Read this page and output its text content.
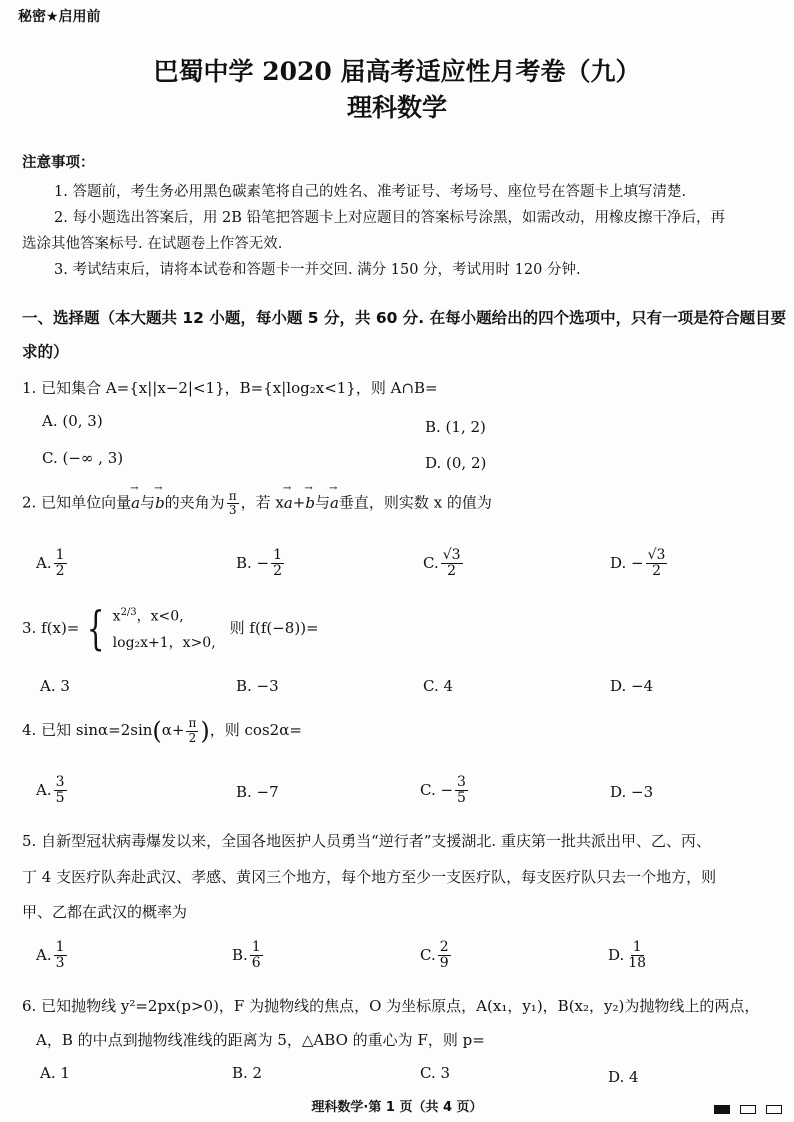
秘密★启用前
巴蜀中学 2020 届高考适应性月考卷（九）
理科数学
注意事项：
1. 答题前，考生务必用黑色碳素笔将自己的姓名、准考证号、考场号、座位号在答题卡上填写清楚.
2. 每小题选出答案后，用 2B 铅笔把答题卡上对应题目的答案标号涂黑，如需改动，用橡皮擦干净后，再
选涂其他答案标号. 在试题卷上作答无效.
3. 考试结束后，请将本试卷和答题卡一并交回. 满分 150 分，考试用时 120 分钟.
一、选择题（本大题共 12 小题，每小题 5 分，共 60 分. 在每小题给出的四个选项中，只有一项是符合题目要
求的）
1. 已知集合 A={x||x−2|<1}，B={x|log₂x<1}，则 A∩B=
A. (0, 3)	B. (1, 2)
C. (−∞ , 3)	D. (0, 2)
2. 已知单位向量→ a与→ b的夹角为 $\frac{\pi}{3}$ ，若 x→ a+→ b与→ a垂直，则实数 x 的值为
A. $\frac{1}{2}$	B. − $\frac{1}{2}$	C. $\frac{√3}{2}$	D. − $\frac{√3}{2}$
3. f(x)= { $x^{2/3}$，x<0,
log₂x+1，x>0,
则 f(f(−8))=
A. 3	B. −3	C. 4	D. −4
4. 已知 $\sin\alpha=2\sin(\alpha+ \frac{\pi}{2}$ )，则 cos2α=
A. $\frac{3}{5}$	B. −7	C. − $\frac{3}{5}$	D. −3
5. 自新型冠状病毒爆发以来，全国各地医护人员勇当“逆行者”支援湖北. 重庆第一批共派出甲、乙、丙、
丁 4 支医疗队奔赴武汉、孝感、黄冈三个地方，每个地方至少一支医疗队，每支医疗队只去一个地方，则
甲、乙都在武汉的概率为
A. $\frac{1}{3}$	B. $\frac{1}{6}$	C. $\frac{2}{9}$	D. $\frac{1}{18}$
6. 已知抛物线 y²=2px(p>0)，F 为抛物线的焦点，O 为坐标原点，A(x₁，y₁)，B(x₂，y₂)为抛物线上的两点，
A，B 的中点到抛物线准线的距离为 5，△ABO 的重心为 F，则 p=
A. 1	B. 2	C. 3	D. 4
理科数学·第 1 页（共 4 页）
